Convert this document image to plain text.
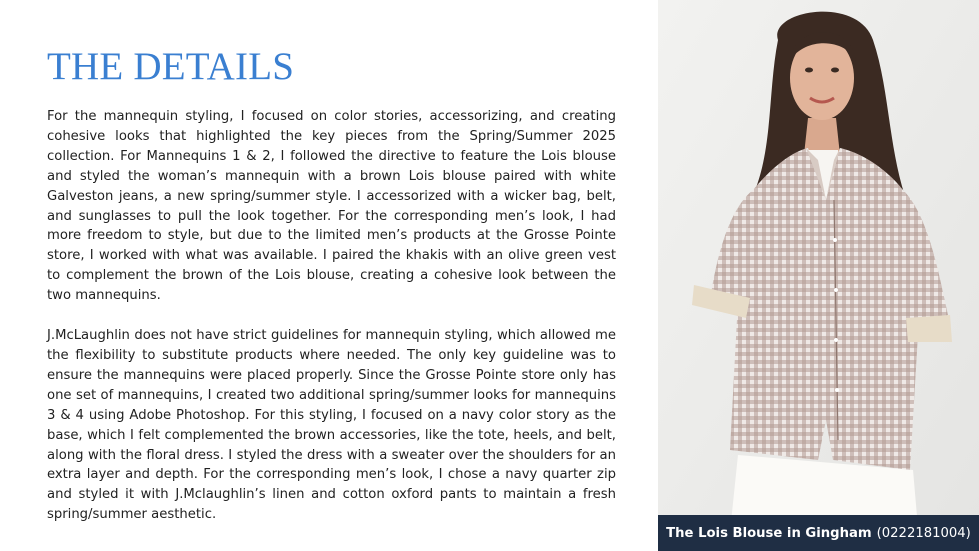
THE DETAILS

For the mannequin styling, I focused on color stories, accessorizing, and creating cohesive looks that highlighted the key pieces from the Spring/Summer 2025 collection. For Mannequins 1 & 2, I followed the directive to feature the Lois blouse and styled the woman’s mannequin with a brown Lois blouse paired with white Galveston jeans, a new spring/summer style. I accessorized with a wicker bag, belt, and sunglasses to pull the look together. For the corresponding men’s look, I had more freedom to style, but due to the limited men’s products at the Grosse Pointe store, I worked with what was available. I paired the khakis with an olive green vest to complement the brown of the Lois blouse, creating a cohesive look between the two mannequins.

J.McLaughlin does not have strict guidelines for mannequin styling, which allowed me the flexibility to substitute products where needed. The only key guideline was to ensure the mannequins were placed properly. Since the Grosse Pointe store only has one set of mannequins, I created two additional spring/summer looks for mannequins 3 & 4 using Adobe Photoshop. For this styling, I focused on a navy color story as the base, which I felt complemented the brown accessories, like the tote, heels, and belt, along with the floral dress. I styled the dress with a sweater over the shoulders for an extra layer and depth. For the corresponding men’s look, I chose a navy quarter zip and styled it with J.Mclaughlin’s linen and cotton oxford pants to maintain a fresh spring/summer aesthetic.

The Lois Blouse in Gingham (0222181004)
